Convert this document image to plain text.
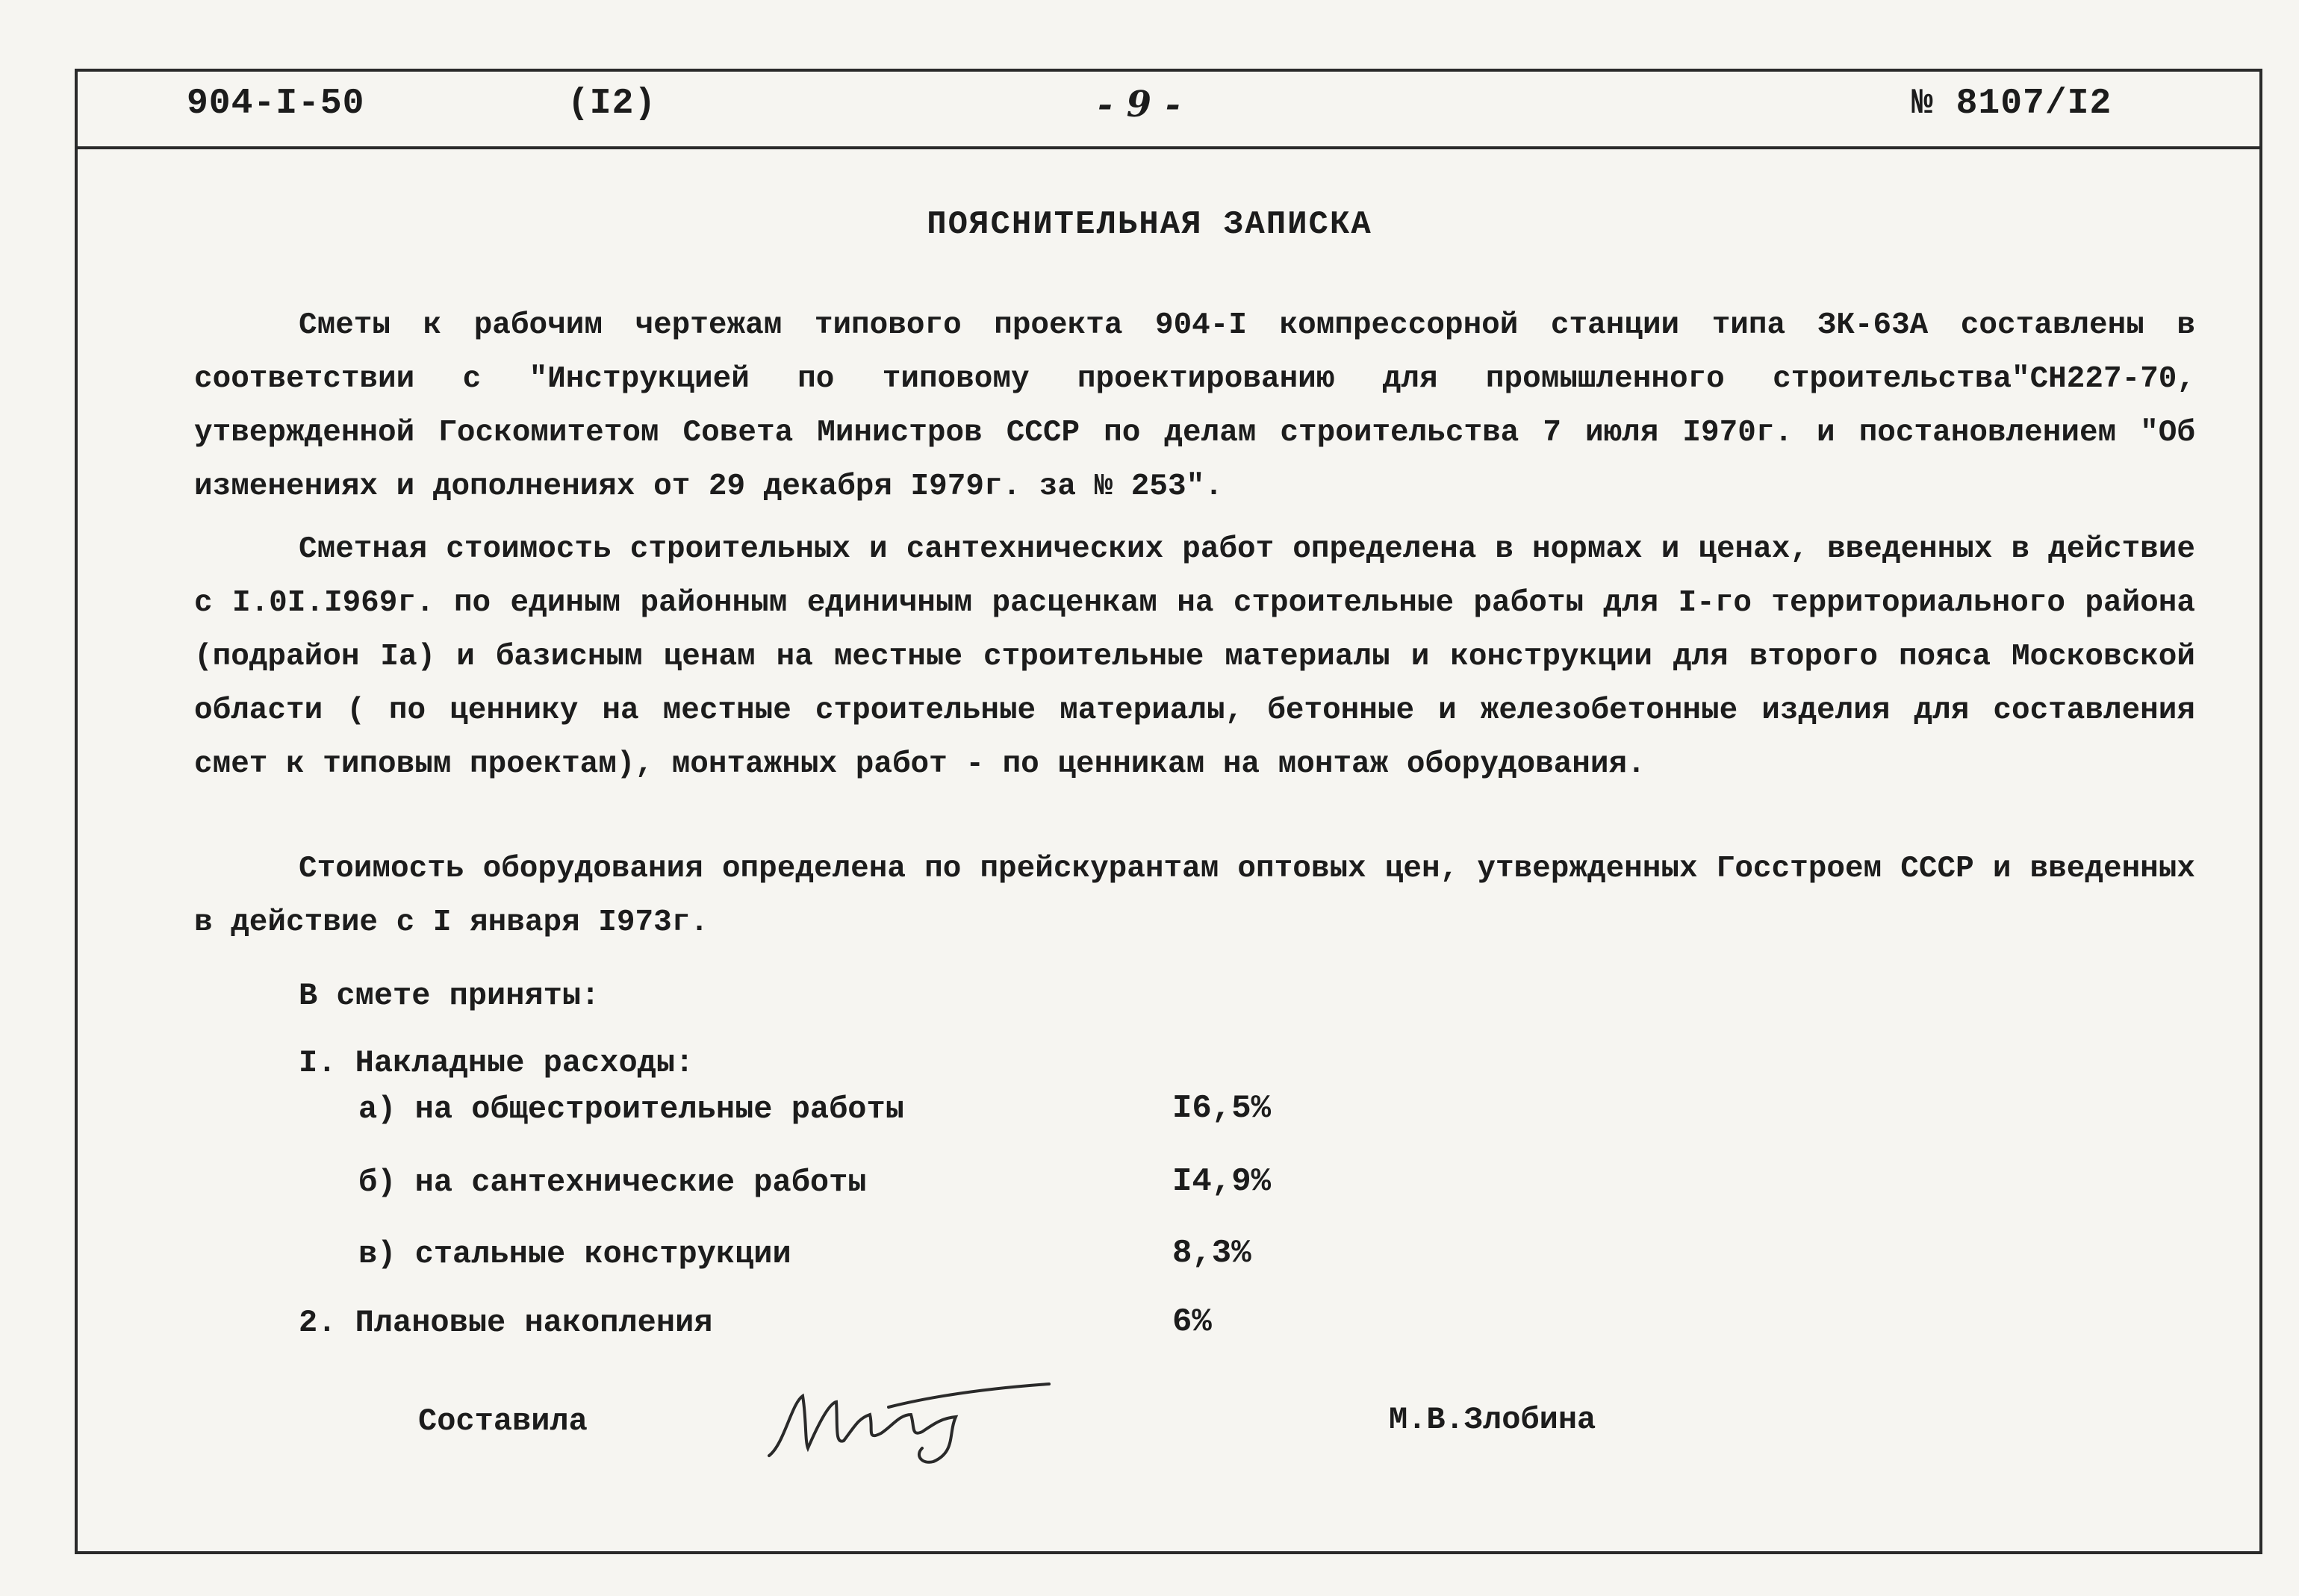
904-I-50	(I2)	- 9 -	№ 8107/I2
ПОЯСНИТЕЛЬНАЯ ЗАПИСКА

Сметы к рабочим чертежам типового проекта 904-I компрессорной станции типа ЗК-63А составлены в соответствии с "Инструкцией по типовому проектированию для промышленного строительства"СН227-70, утвержденной Госкомитетом Совета Министров СССР по делам строительства 7 июля I970г. и постановлением "Об изменениях и дополнениях от 29 декабря I979г. за № 253".

Сметная стоимость строительных и сантехнических работ определена в нормах и ценах, введенных в действие с I.0I.I969г. по единым районным единичным расценкам на строительные работы для I-го территориального района (подрайон Iа) и базисным ценам на местные строительные материалы и конструкции для второго пояса Московской области ( по ценнику на местные строительные материалы, бетонные и железобетонные изделия для составления смет к типовым проектам), монтажных работ - по ценникам на монтаж оборудования.

Стоимость оборудования определена по прейскурантам оптовых цен, утвержденных Госстроем СССР и введенных в действие с I января I973г.

В смете приняты:
I. Накладные расходы:
а) на общестроительные работы	I6,5%
б) на сантехнические работы	I4,9%
в) стальные конструкции	8,3%
2. Плановые накопления	6%
Составила	М.В.Злобина
